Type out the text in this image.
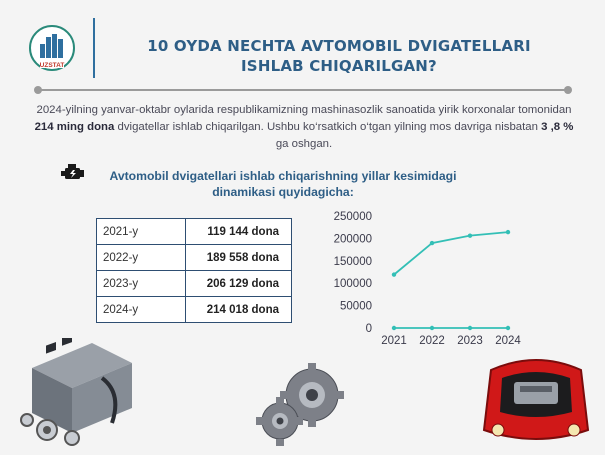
UZSTAT
10 OYDA NECHTA AVTOMOBIL DVIGATELLARI
ISHLAB CHIQARILGAN?
2024-yilning yanvar-oktabr oylarida respublikamizning mashinasozlik sanoatida yirik korxonalar tomonidan 214 ming dona dvigatellar ishlab chiqarilgan. Ushbu ko‘rsatkich o‘tgan yilning mos davriga nisbatan 3 ,8 % ga oshgan.
Avtomobil dvigatellari ishlab chiqarishning yillar kesimidagi dinamikasi quyidagicha:
2021-y	119 144 dona
2022-y	189 558 dona
2023-y	206 129 dona
2024-y	214 018 dona
250000
200000
150000
100000
50000
0
2021 2022 2023 2024
